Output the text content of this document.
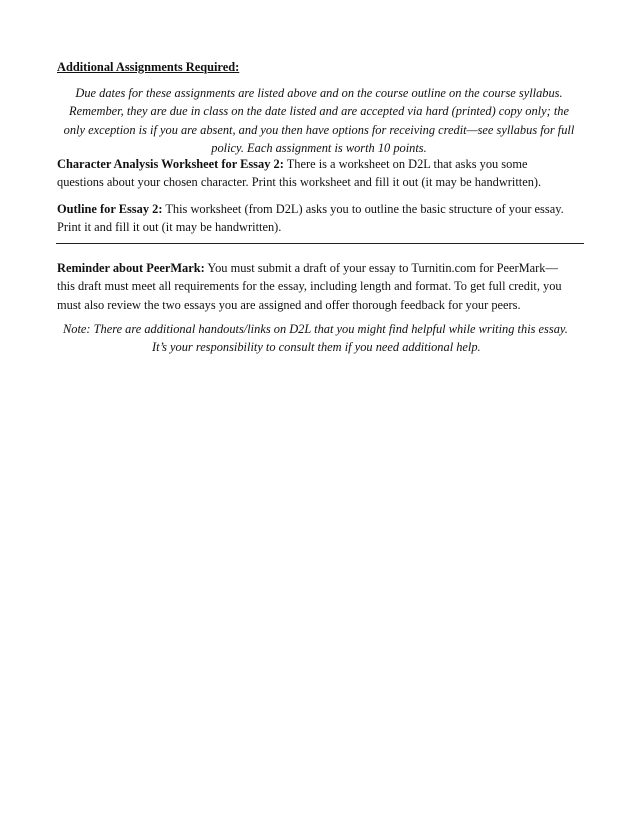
Additional Assignments Required:
Due dates for these assignments are listed above and on the course outline on the course syllabus.
Remember, they are due in class on the date listed and are accepted via hard (printed) copy only; the
only exception is if you are absent, and you then have options for receiving credit—see syllabus for full
policy. Each assignment is worth 10 points.
Character Analysis Worksheet for Essay 2: There is a worksheet on D2L that asks you some
questions about your chosen character. Print this worksheet and fill it out (it may be handwritten).
Outline for Essay 2: This worksheet (from D2L) asks you to outline the basic structure of your essay.
Print it and fill it out (it may be handwritten).
Reminder about PeerMark: You must submit a draft of your essay to Turnitin.com for PeerMark—
this draft must meet all requirements for the essay, including length and format. To get full credit, you
must also review the two essays you are assigned and offer thorough feedback for your peers.
Note: There are additional handouts/links on D2L that you might find helpful while writing this essay.
It’s your responsibility to consult them if you need additional help.
